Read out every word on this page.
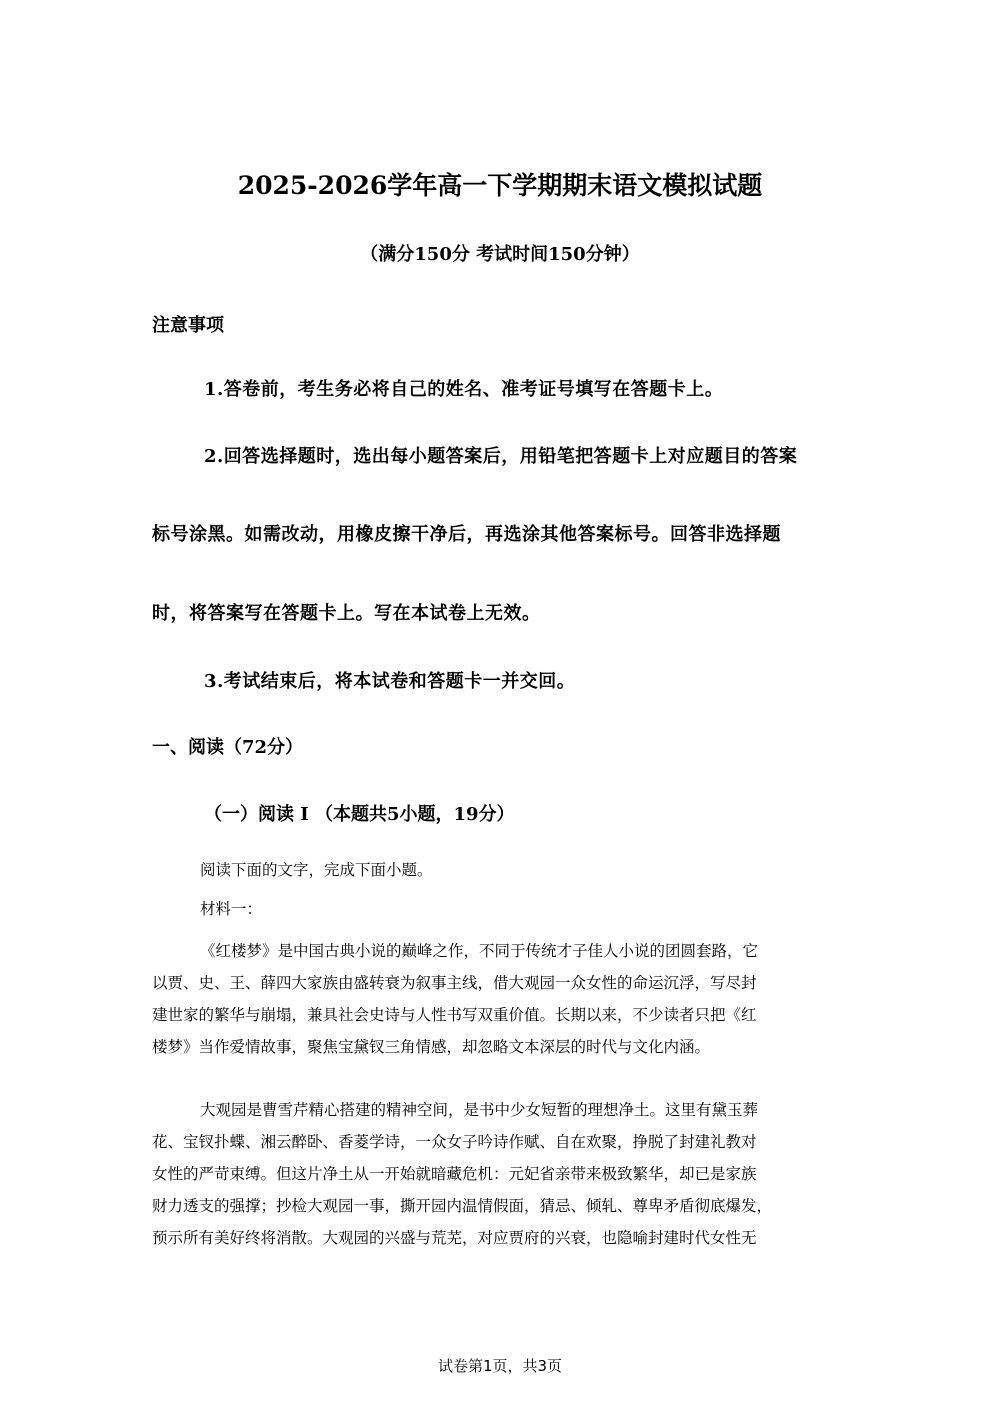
2025-2026学年高一下学期期末语文模拟试题
（满分150分 考试时间150分钟）
注意事项
1.答卷前，考生务必将自己的姓名、准考证号填写在答题卡上。
2.回答选择题时，选出每小题答案后，用铅笔把答题卡上对应题目的答案
标号涂黑。如需改动，用橡皮擦干净后，再选涂其他答案标号。回答非选择题
时，将答案写在答题卡上。写在本试卷上无效。
3.考试结束后，将本试卷和答题卡一并交回。
一、阅读（72分）
（一）阅读 I （本题共5小题，19分）
阅读下面的文字，完成下面小题。
材料一：
《红楼梦》是中国古典小说的巅峰之作，不同于传统才子佳人小说的团圆套路，它
以贾、史、王、薛四大家族由盛转衰为叙事主线，借大观园一众女性的命运沉浮，写尽封
建世家的繁华与崩塌，兼具社会史诗与人性书写双重价值。长期以来，不少读者只把《红
楼梦》当作爱情故事，聚焦宝黛钗三角情感，却忽略文本深层的时代与文化内涵。
大观园是曹雪芹精心搭建的精神空间，是书中少女短暂的理想净土。这里有黛玉葬
花、宝钗扑蝶、湘云醉卧、香菱学诗，一众女子吟诗作赋、自在欢聚，挣脱了封建礼教对
女性的严苛束缚。但这片净土从一开始就暗藏危机：元妃省亲带来极致繁华，却已是家族
财力透支的强撑；抄检大观园一事，撕开园内温情假面，猜忌、倾轧、尊卑矛盾彻底爆发，
预示所有美好终将消散。大观园的兴盛与荒芜，对应贾府的兴衰，也隐喻封建时代女性无
试卷第1页，共3页
